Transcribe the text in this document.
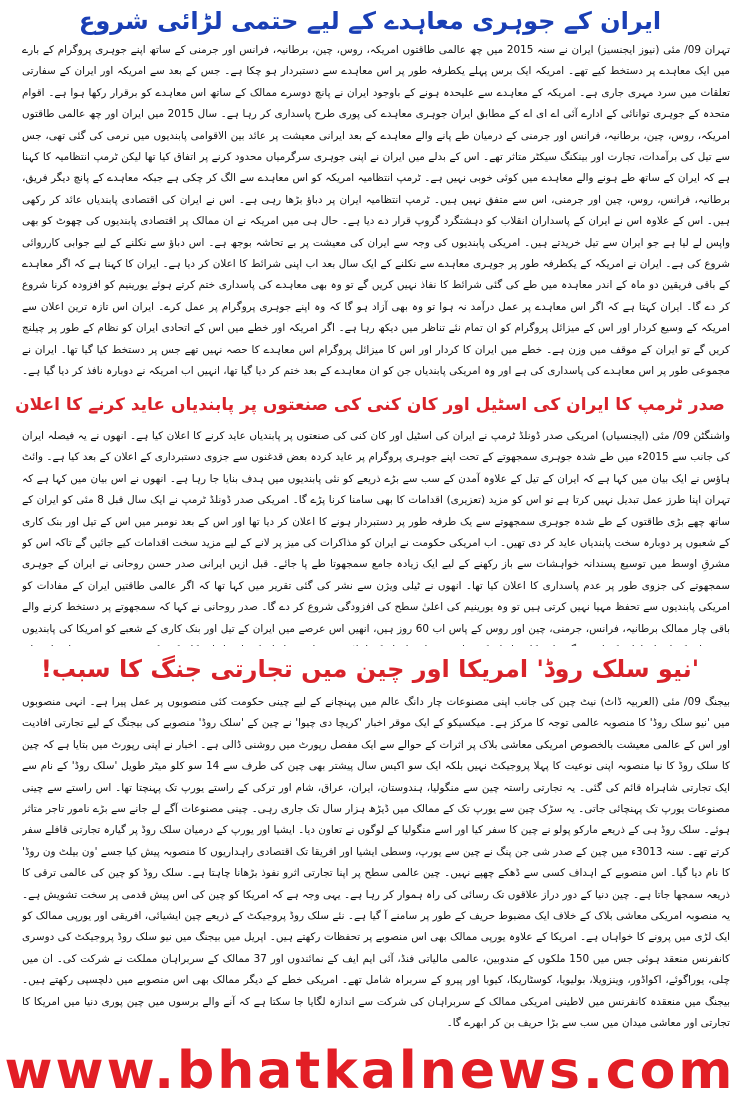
ایران کے جوہری معاہدے کے لیے حتمی لڑائی شروع

تہران 09/ مئی (نیوز ایجنسیز) ایران نے سنہ 2015 میں چھ عالمی طاقتوں امریکہ، روس، چین، برطانیہ، فرانس اور جرمنی کے ساتھ اپنے جوہری پروگرام کے بارے میں ایک معاہدے پر دستخط کیے تھے۔ امریکہ ایک برس پہلے یکطرفہ طور پر اس معاہدے سے دستبردار ہو چکا ہے۔ جس کے بعد سے امریکہ اور ایران کے سفارتی تعلقات میں سرد مہری جاری ہے۔ امریکہ کے معاہدے سے علیحدہ ہونے کے باوجود ایران نے پانچ دوسرے ممالک کے ساتھ اس معاہدے کو برقرار رکھا ہوا ہے۔ اقوام متحدہ کے جوہری توانائی کے ادارے آئی اے ای اے کے مطابق ایران جوہری معاہدے کی پوری طرح پاسداری کر رہا ہے۔ سال 2015 میں ایران اور چھ عالمی طاقتوں امریکہ، روس، چین، برطانیہ، فرانس اور جرمنی کے درمیان طے پانے والے معاہدے کے بعد ایرانی معیشت پر عائد بین الاقوامی پابندیوں میں نرمی کی گئی تھی، جس سے تیل کی برآمدات، تجارت اور بینکنگ سیکٹر متاثر تھے۔ اس کے بدلے میں ایران نے اپنی جوہری سرگرمیاں محدود کرنے پر اتفاق کیا تھا لیکن ٹرمپ انتظامیہ کا کہنا ہے کہ ایران کے ساتھ طے ہونے والے معاہدے میں کوئی خوبی نہیں ہے۔ ٹرمپ انتظامیہ امریکہ کو اس معاہدے سے الگ کر چکی ہے جبکہ معاہدے کے پانچ دیگر فریق، برطانیہ، فرانس، روس، چین اور جرمنی، اس سے متفق نہیں ہیں۔ ٹرمپ انتظامیہ ایران پر دباؤ بڑھا رہی ہے۔ اس نے ایران کی اقتصادی پابندیاں عائد کر رکھی ہیں۔ اس کے علاوہ اس نے ایران کے پاسداران انقلاب کو دہشتگرد گروپ قرار دے دیا ہے۔ حال ہی میں امریکہ نے ان ممالک پر اقتصادی پابندیوں کی چھوٹ کو بھی واپس لے لیا ہے جو ایران سے تیل خریدتے ہیں۔ امریکی پابندیوں کی وجہ سے ایران کی معیشت پر بے تحاشہ بوجھ ہے۔ اس دباؤ سے نکلنے کے لیے جوابی کارروائی شروع کی ہے۔ ایران نے امریکہ کے یکطرفہ طور پر جوہری معاہدے سے نکلنے کے ایک سال بعد اب اپنی شرائط کا اعلان کر دیا ہے۔ ایران کا کہنا ہے کہ اگر معاہدے کے باقی فریقین دو ماہ کے اندر معاہدہ میں طے کی گئی شرائط کا نفاذ نہیں کریں گے تو وہ بھی معاہدے کی پاسداری ختم کرتے ہوئے یورینیم کو افزودہ کرنا شروع کر دے گا۔ ایران کہتا ہے کہ اگر اس معاہدے پر عمل درآمد نہ ہوا تو وہ بھی آزاد ہو گا کہ وہ اپنے جوہری پروگرام پر عمل کرے۔ ایران اس تازہ ترین اعلان سے امریکہ کے وسیع کردار اور اس کے میزائل پروگرام کو ان تمام نئے تناظر میں دیکھ رہا ہے۔ اگر امریکہ اور خطے میں اس کے اتحادی ایران کو نظام کے طور پر چیلنج کریں گے تو ایران کے موقف میں وزن ہے۔ خطے میں ایران کا کردار اور اس کا میزائل پروگرام اس معاہدے کا حصہ نہیں تھے جس پر دستخط کیا گیا تھا۔ ایران نے مجموعی طور پر اس معاہدے کی پاسداری کی ہے اور وہ امریکی پابندیاں جن کو ان معاہدے کے بعد ختم کر دیا گیا تھا، انہیں اب امریکہ نے دوبارہ نافذ کر دیا گیا ہے۔

صدر ٹرمپ کا ایران کی اسٹیل اور کان کنی کی صنعتوں پر پابندیاں عاید کرنے کا اعلان

واشنگٹن 09/ مئی (ایجنسیاں) امریکی صدر ڈونلڈ ٹرمپ نے ایران کی اسٹیل اور کان کنی کی صنعتوں پر پابندیاں عاید کرنے کا اعلان کیا ہے۔ انھوں نے یہ فیصلہ ایران کی جانب سے 2015ء میں طے شدہ جوہری سمجھوتے کے تحت اپنے جوہری پروگرام پر عاید کردہ بعض قدغنوں سے جزوی دستبرداری کے اعلان کے بعد کیا ہے۔ وائٹ ہاؤس نے ایک بیان میں کہا ہے کہ ایران کے تیل کے علاوہ آمدن کے سب سے بڑے ذریعے کو نئی پابندیوں میں ہدف بنایا جا رہا ہے۔ انھوں نے اس بیان میں کہا ہے کہ تہران اپنا طرز عمل تبدیل نہیں کرتا ہے تو اس کو مزید (تعزیری) اقدامات کا بھی سامنا کرنا پڑے گا۔ امریکی صدر ڈونلڈ ٹرمپ نے ایک سال قبل 8 مئی کو ایران کے ساتھ چھے بڑی طاقتوں کے طے شدہ جوہری سمجھوتے سے یک طرفہ طور پر دستبردار ہونے کا اعلان کر دیا تھا اور اس کے بعد نومبر میں اس کے تیل اور بنک کاری کے شعبوں پر دوبارہ سخت پابندیاں عاید کر دی تھیں۔ اب امریکی حکومت نے ایران کو مذاکرات کی میز پر لانے کے لیے مزید سخت اقدامات کیے جائیں گے تاکہ اس کو مشرقِ اوسط میں توسیع پسندانہ خواہشات سے باز رکھنے کے لیے ایک زیادہ جامع سمجھوتا طے پا جائے۔ قبل ازیں ایرانی صدر حسن روحانی نے ایران کے جوہری سمجھوتے کی جزوی طور پر عدم پاسداری کا اعلان کیا تھا۔ انھوں نے ٹیلی ویژن سے نشر کی گئی تقریر میں کہا تھا کہ اگر عالمی طاقتیں ایران کے مفادات کو امریکی پابندیوں سے تحفظ مہیا نہیں کرتی ہیں تو وہ یورینیم کی اعلیٰ سطح کی افزودگی شروع کر دے گا۔ صدر روحانی نے کہا کہ سمجھوتے پر دستخط کرنے والے باقی چار ممالک برطانیہ، فرانس، جرمنی، چین اور روس کے پاس اب 60 روز ہیں، انھیں اس عرصے میں ایران کے تیل اور بنک کاری کے شعبے کو امریکا کی پابندیوں

'نیو سلک روڈ' امریکا اور چین میں تجارتی جنگ کا سبب!

بیجنگ 09/ مئی (العربیہ ڈاٹ) نیٹ چین کی جانب اپنی مصنوعات چار دانگ عالم میں پہنچانے کے لیے چینی حکومت کئی منصوبوں پر عمل پیرا ہے۔ انہی منصوبوں میں 'نیو سلک روڈ' کا منصوبہ عالمی توجہ کا مرکز ہے۔ میکسیکو کے ایک موقر اخبار 'کریچا دی چیوا' نے چین کے 'سلک روڈ' منصوبے کی بیجنگ کے لیے تجارتی افادیت اور اس کے عالمی معیشت بالخصوص امریکی معاشی بلاک پر اثرات کے حوالے سے ایک مفصل رپورٹ میں روشنی ڈالی ہے۔ اخبار نے اپنی رپورٹ میں بتایا ہے کہ چین کا سلک روڈ کا نیا منصوبہ اپنی نوعیت کا پہلا پروجیکٹ نہیں بلکہ ایک سو اکیس سال پیشتر بھی چین کی طرف سے 14 سو کلو میٹر طویل 'سلک روڈ' کے نام سے ایک تجارتی شاہراہ قائم کی گئی۔ یہ تجارتی راستہ چین سے منگولیا، ہندوستان، ایران، عراق، شام اور ترکی کے راستے یورپ تک پہنچتا تھا۔ اس راستے سے چینی مصنوعات یورپ تک پہنچائی جاتی۔ یہ سڑک چین سے یورپ تک کے ممالک میں ڈیڑھ ہزار سال تک جاری رہی۔ چینی مصنوعات آگے لے جانے سے بڑے نامور تاجر متاثر ہوئے۔ سلک روڈ ہی کے ذریعے مارکو پولو نے چین کا سفر کیا اور اسے منگولیا کے لوگوں نے تعاون دیا۔ ایشیا اور یورپ کے درمیان سلک روڈ پر گیارہ تجارتی قافلے سفر کرتے تھے۔ سنہ 3013ء میں چین کے صدر شی جن پنگ نے چین سے یورپ، وسطی ایشیا اور افریقا تک اقتصادی راہداریوں کا منصوبہ پیش کیا جسے 'ون بیلٹ ون روڈ' کا نام دیا گیا۔ اس منصوبے کے اہداف کسی سے ڈھکے چھپے نہیں۔ چین عالمی سطح پر اپنا تجارتی اثرو نفوذ بڑھانا چاہتا ہے۔ سلک روڈ کو چین کی عالمی ترقی کا ذریعہ سمجھا جاتا ہے۔ چین دنیا کے دور دراز علاقوں تک رسائی کی راہ ہموار کر رہا ہے۔ یہی وجہ ہے کہ امریکا کو چین کی اس پیش قدمی پر سخت تشویش ہے۔ یہ منصوبہ امریکی معاشی بلاک کے خلاف ایک مضبوط حریف کے طور پر سامنے آ گیا ہے۔ نئے سلک روڈ پروجیکٹ کے ذریعے چین ایشیائی، افریقی اور یورپی ممالک کو ایک لڑی میں پرونے کا خواہاں ہے۔ امریکا کے علاوہ یورپی ممالک بھی اس منصوبے پر تحفظات رکھتے ہیں۔ اپریل میں بیجنگ میں نیو سلک روڈ پروجیکٹ کی دوسری کانفرنس منعقد ہوئی جس میں 150 ملکوں کے مندوبین، عالمی مالیاتی فنڈ، آئی ایم ایف کے نمائندوں اور 37 ممالک کے سربراہان مملکت نے شرکت کی۔ ان میں چلی، یوراگوئے، اکواڈور، وینزویلا، بولیویا، کوسٹاریکا، کیوبا اور پیرو کے سربراہ شامل تھے۔ امریکی خطے کے دیگر ممالک بھی اس منصوبے میں دلچسپی رکھتے ہیں۔ بیجنگ میں منعقدہ کانفرنس میں لاطینی امریکی ممالک کے سربراہان کی شرکت سے اندازہ لگایا جا سکتا ہے کہ آنے والے برسوں میں چین پوری دنیا میں امریکا کا تجارتی اور معاشی میدان میں سب سے بڑا حریف بن کر ابھرے گا۔

www.bhatkalnews.com
